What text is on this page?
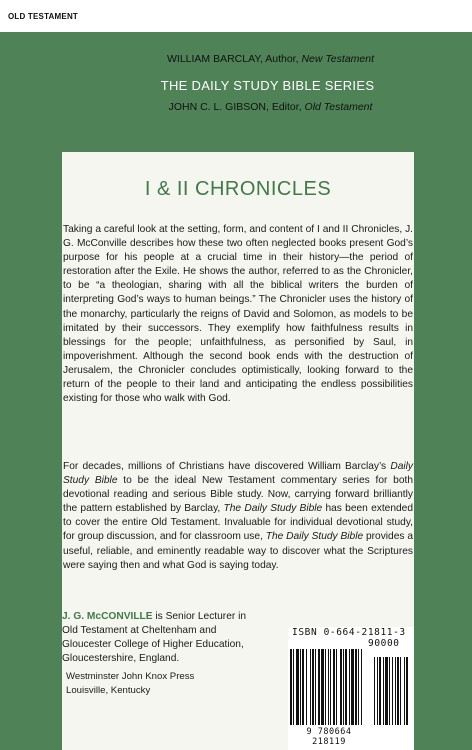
OLD TESTAMENT
WILLIAM BARCLAY, Author, New Testament
THE DAILY STUDY BIBLE SERIES
JOHN C. L. GIBSON, Editor, Old Testament
I & II CHRONICLES

Taking a careful look at the setting, form, and content of I and II Chronicles, J. G. McConville describes how these two often neglected books present God’s purpose for his people at a crucial time in their history—the period of restoration after the Exile. He shows the author, referred to as the Chronicler, to be “a theologian, sharing with all the biblical writers the burden of interpreting God’s ways to human beings.” The Chronicler uses the history of the monarchy, particularly the reigns of David and Solomon, as models to be imitated by their successors. They exemplify how faithfulness results in blessings for the people; unfaithfulness, as personified by Saul, in impoverishment. Although the second book ends with the destruction of Jerusalem, the Chronicler concludes optimistically, looking forward to the return of the people to their land and anticipating the endless possibilities existing for those who walk with God.

For decades, millions of Christians have discovered William Barclay’s Daily Study Bible to be the ideal New Testament commentary series for both devotional reading and serious Bible study. Now, carrying forward brilliantly the pattern established by Barclay, The Daily Study Bible has been extended to cover the entire Old Testament. Invaluable for individual devotional study, for group discussion, and for classroom use, The Daily Study Bible provides a useful, reliable, and eminently readable way to discover what the Scriptures were saying then and what God is saying today.

J. G. McCONVILLE is Senior Lecturer in Old Testament at Cheltenham and Gloucester College of Higher Education, Gloucestershire, England.

Westminster John Knox Press
Louisville, Kentucky
ISBN 0-664-21811-3
90000
9 780664 218119
